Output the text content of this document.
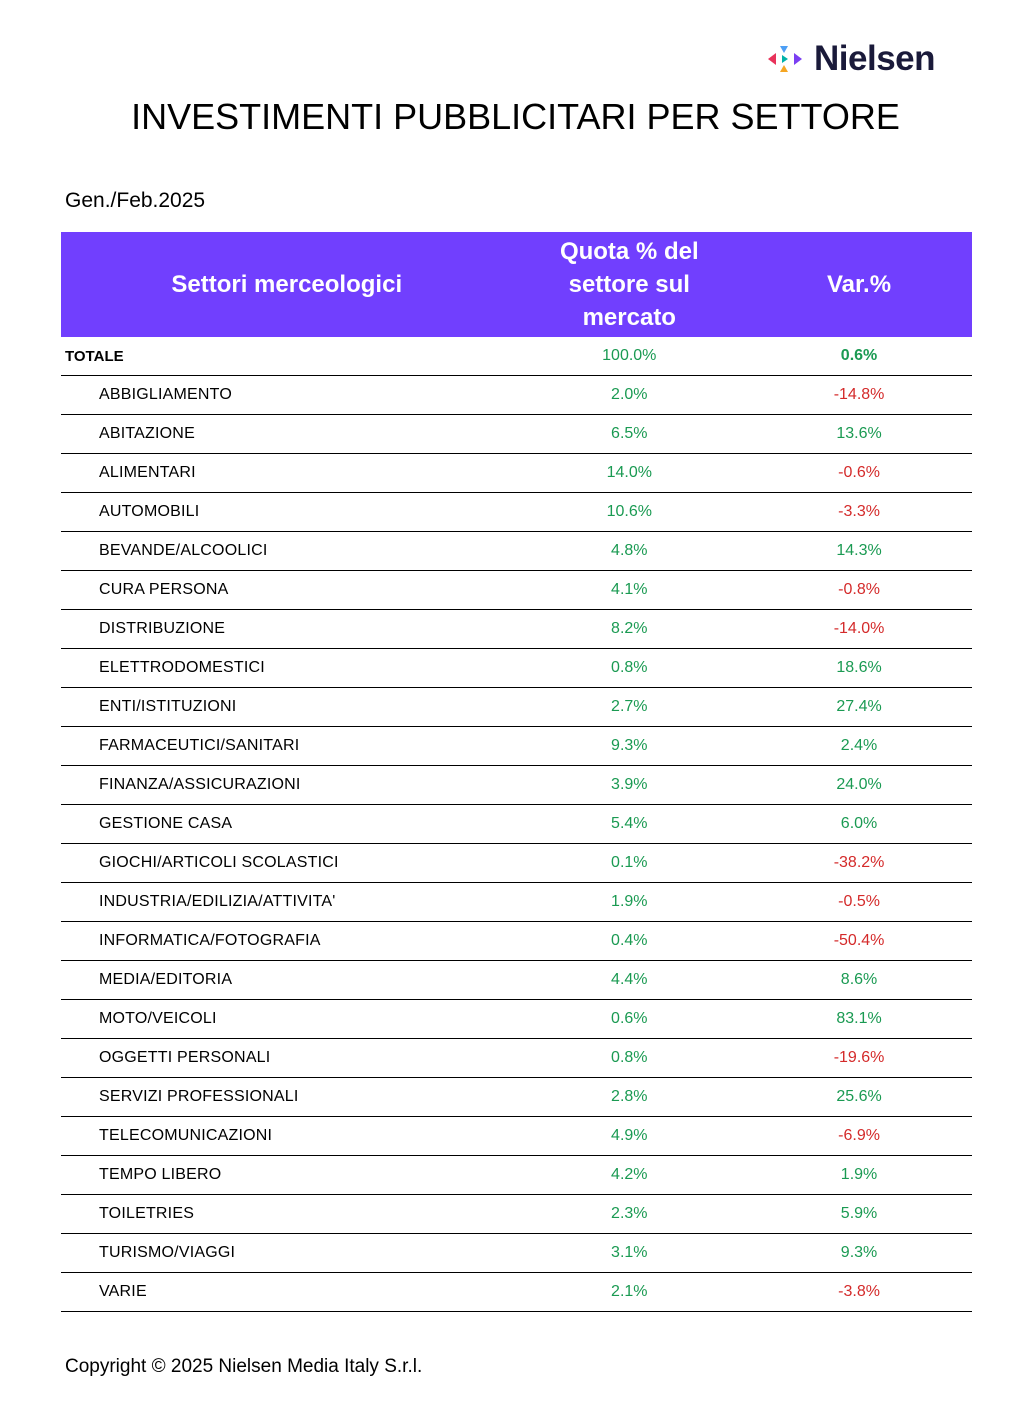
Nielsen
INVESTIMENTI PUBBLICITARI PER SETTORE
Gen./Feb.2025
Settori merceologici	Quota % del settore sul mercato	Var.%
TOTALE	100.0%	0.6%
ABBIGLIAMENTO	2.0%	-14.8%
ABITAZIONE	6.5%	13.6%
ALIMENTARI	14.0%	-0.6%
AUTOMOBILI	10.6%	-3.3%
BEVANDE/ALCOOLICI	4.8%	14.3%
CURA PERSONA	4.1%	-0.8%
DISTRIBUZIONE	8.2%	-14.0%
ELETTRODOMESTICI	0.8%	18.6%
ENTI/ISTITUZIONI	2.7%	27.4%
FARMACEUTICI/SANITARI	9.3%	2.4%
FINANZA/ASSICURAZIONI	3.9%	24.0%
GESTIONE CASA	5.4%	6.0%
GIOCHI/ARTICOLI SCOLASTICI	0.1%	-38.2%
INDUSTRIA/EDILIZIA/ATTIVITA'	1.9%	-0.5%
INFORMATICA/FOTOGRAFIA	0.4%	-50.4%
MEDIA/EDITORIA	4.4%	8.6%
MOTO/VEICOLI	0.6%	83.1%
OGGETTI PERSONALI	0.8%	-19.6%
SERVIZI PROFESSIONALI	2.8%	25.6%
TELECOMUNICAZIONI	4.9%	-6.9%
TEMPO LIBERO	4.2%	1.9%
TOILETRIES	2.3%	5.9%
TURISMO/VIAGGI	3.1%	9.3%
VARIE	2.1%	-3.8%
Copyright © 2025 Nielsen Media Italy S.r.l.
